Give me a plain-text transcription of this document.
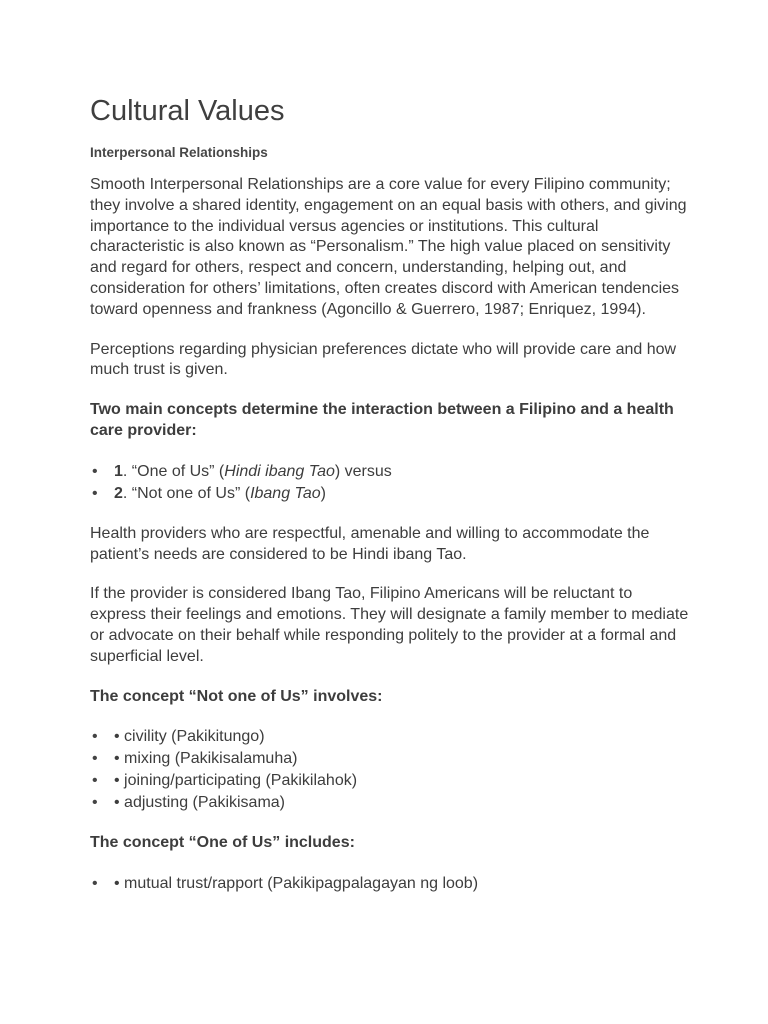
Cultural Values
Interpersonal Relationships

Smooth Interpersonal Relationships are a core value for every Filipino community; they involve a shared identity, engagement on an equal basis with others, and giving importance to the individual versus agencies or institutions. This cultural characteristic is also known as “Personalism.” The high value placed on sensitivity and regard for others, respect and concern, understanding, helping out, and consideration for others’ limitations, often creates discord with American tendencies toward openness and frankness (Agoncillo & Guerrero, 1987; Enriquez, 1994).

Perceptions regarding physician preferences dictate who will provide care and how much trust is given.

Two main concepts determine the interaction between a Filipino and a health care provider:

• 1. “One of Us” (Hindi ibang Tao) versus
• 2. “Not one of Us” (Ibang Tao)

Health providers who are respectful, amenable and willing to accommodate the patient’s needs are considered to be Hindi ibang Tao.

If the provider is considered Ibang Tao, Filipino Americans will be reluctant to express their feelings and emotions. They will designate a family member to mediate or advocate on their behalf while responding politely to the provider at a formal and superficial level.

The concept “Not one of Us” involves:

• • civility (Pakikitungo)
• • mixing (Pakikisalamuha)
• • joining/participating (Pakikilahok)
• • adjusting (Pakikisama)

The concept “One of Us” includes:

• • mutual trust/rapport (Pakikipagpalagayan ng loob)
